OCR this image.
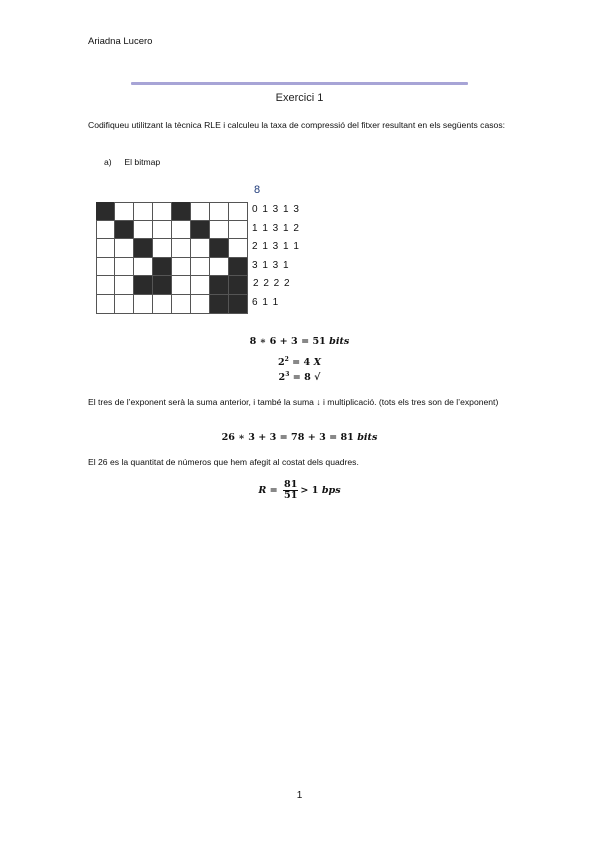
Ariadna Lucero
Exercici 1
Codifiqueu utilitzant la tècnica RLE i calculeu la taxa de compressió del fitxer resultant en els següents casos:
a) El bitmap
8
0 1 3 1 3
1 1 3 1 2
2 1 3 1 1
3 1 3 1
2 2 2 2
6 1 1
8 ∗ 6 + 3 = 51 bits
$2^2 = 4$ X
$2^3 = 8$ √
El tres de l’exponent serà la suma anterior, i també la suma ↓ i multiplicació. (tots els tres son de l’exponent)
26 ∗ 3 + 3 = 78 + 3 = 81 bits
El 26 es la quantitat de números que hem afegit al costat dels quadres.
$R = \frac{81}{51} > 1$ bps
1
